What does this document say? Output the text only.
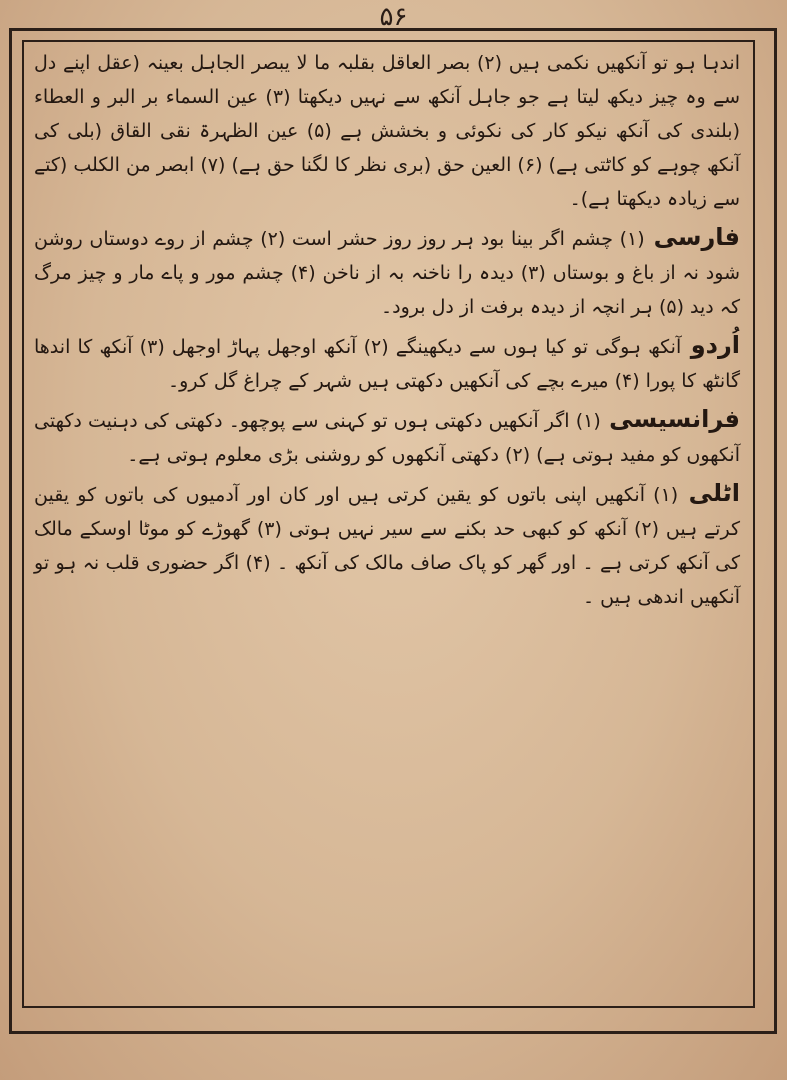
۵۶

اندہا ہو تو آنکھیں نکمی ہیں (۲) بصر العاقل بقلبہ ما لا یبصر الجاہل بعینہ (عقل اپنے دل سے وہ چیز دیکھ لیتا ہے جو جاہل آنکھ سے نہیں دیکھتا (۳) عین السماء بر البر و العطاء (بلندی کی آنکھ نیکو کار کی نکوئی و بخشش ہے (۵) عین الظہرۃ نقی القاق (بلی کی آنکھ چوہے کو کاٹتی ہے) (۶) العین حق (بری نظر کا لگنا حق ہے) (۷) ابصر من الکلب (کتے سے زیادہ دیکھتا ہے)۔

فارسی (۱) چشم اگر بینا بود ہر روز روز حشر است (۲) چشم از روے دوستاں روشن شود نہ از باغ و بوستاں (۳) دیدہ را ناخنہ بہ از ناخن (۴) چشم مور و پاے مار و چیز مرگ کہ دید (۵) ہر انچہ از دیدہ برفت از دل برود۔

اُردو آنکھ ہوگی تو کیا ہوں سے دیکھینگے (۲) آنکھ اوجھل پہاڑ اوجھل (۳) آنکھ کا اندھا گانٹھ کا پورا (۴) میرے بچے کی آنکھیں دکھتی ہیں شہر کے چراغ گل کرو۔

فرانسیسی (۱) اگر آنکھیں دکھتی ہوں تو کہنی سے پوچھو۔ دکھتی کی دہنیت دکھتی آنکھوں کو مفید ہوتی ہے) (۲) دکھتی آنکھوں کو روشنی بڑی معلوم ہوتی ہے۔

اٹلی (۱) آنکھیں اپنی باتوں کو یقین کرتی ہیں اور کان اور آدمیوں کی باتوں کو یقین کرتے ہیں (۲) آنکھ کو کبھی حد بکنے سے سیر نہیں ہوتی (۳) گھوڑے کو موٹا اوسکے مالک کی آنکھ کرتی ہے ۔ اور گھر کو پاک صاف مالک کی آنکھ ۔ (۴) اگر حضوری قلب نہ ہو تو آنکھیں اندھی ہیں ۔
